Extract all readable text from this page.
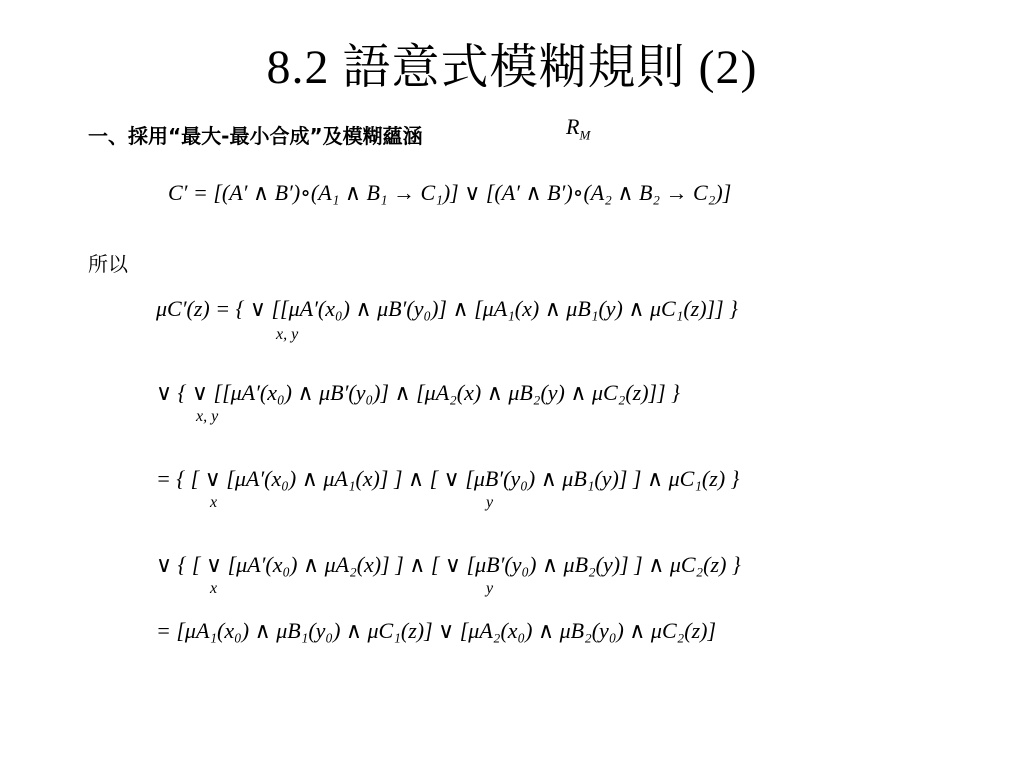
8.2 語意式模糊規則 (2)
一、採用“最大-最小合成”及模糊蘊涵	$R_M$
C′ = [(A′ ∧ B′)∘(A₁ ∧ B₁ → C₁)] ∨ [(A′ ∧ B′)∘(A₂ ∧ B₂ → C₂)]
所以
μC′(z) = { ∨ [[μA′(x₀) ∧ μB′(y₀)] ∧ [μA₁(x) ∧ μB₁(y) ∧ μC₁(z)]] }
x, y
∨ { ∨ [[μA′(x₀) ∧ μB′(y₀)] ∧ [μA₂(x) ∧ μB₂(y) ∧ μC₂(z)]] }
x, y
= { [ ∨ [μA′(x₀) ∧ μA₁(x)] ] ∧ [ ∨ [μB′(y₀) ∧ μB₁(y)] ] ∧ μC₁(z) }
x	y
∨ { [ ∨ [μA′(x₀) ∧ μA₂(x)] ] ∧ [ ∨ [μB′(y₀) ∧ μB₂(y)] ] ∧ μC₂(z) }
x	y
= [μA₁(x₀) ∧ μB₁(y₀) ∧ μC₁(z)] ∨ [μA₂(x₀) ∧ μB₂(y₀) ∧ μC₂(z)]
